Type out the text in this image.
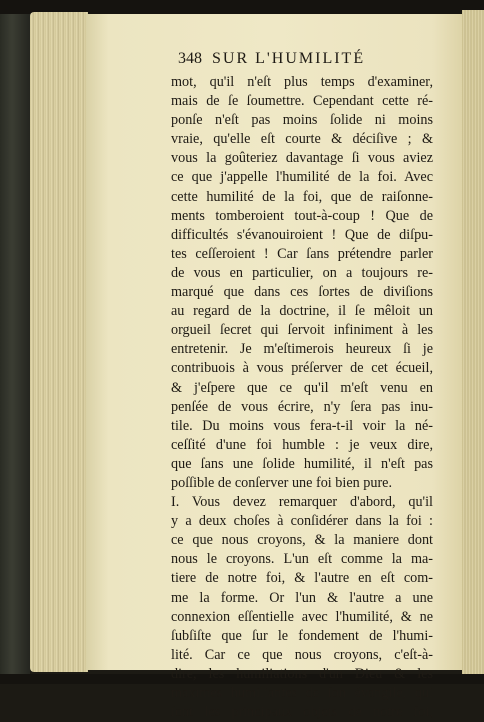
348 SUR L'HUMILITÉ
mot, qu'il n'eſt plus temps d'examiner,
mais de ſe ſoumettre. Cependant cette ré-
ponſe n'eſt pas moins ſolide ni moins
vraie, qu'elle eſt courte & déciſive ; &
vous la goûteriez davantage ſi vous aviez
ce que j'appelle l'humilité de la foi. Avec
cette humilité de la foi, que de raiſonne-
ments tomberoient tout-à-coup ! Que de
difficultés s'évanouiroient ! Que de diſpu-
tes ceſſeroient ! Car ſans prétendre parler
de vous en particulier, on a toujours re-
marqué que dans ces ſortes de diviſions
au regard de la doctrine, il ſe mêloit un
orgueil ſecret qui ſervoit infiniment à les
entretenir. Je m'eſtimerois heureux ſi je
contribuois à vous préſerver de cet écueil,
& j'eſpere que ce qu'il m'eſt venu en
penſée de vous écrire, n'y ſera pas inu-
tile. Du moins vous fera-t-il voir la né-
ceſſité d'une foi humble : je veux dire,
que ſans une ſolide humilité, il n'eſt pas
poſſible de conſerver une foi bien pure.
I. Vous devez remarquer d'abord, qu'il
y a deux choſes à conſidérer dans la foi :
ce que nous croyons, & la maniere dont
nous le croyons. L'un eſt comme la ma-
tiere de notre foi, & l'autre en eſt com-
me la forme. Or l'un & l'autre a une
connexion eſſentielle avec l'humilité, & ne
ſubſiſte que ſur le fondement de l'humi-
lité. Car ce que nous croyons, c'eſt-à-
dire, les humiliations d'un Dieu & les
maximes humiliantes de ſon évangile, qui
ſont les principaux objets de notre foi,
